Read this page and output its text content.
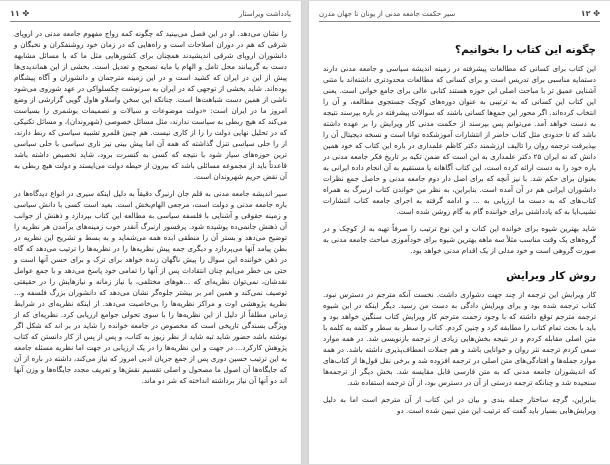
۱۱ ✤	یادداشت ویراستار

را نشان می‌دهد. او در این فصل می‌بینید که چگونه کمه رواج مفهوم جامعه مدنی در اروپای شرقی که هم در دوران اصلاحات است و راه‌هایی که در زمان خود روشنفکران و نخبگان و دانشوران اروپای شرقی اندیشیدند همچنان برای کشورهایی مثل ما که با مسائل مشابهه دست به گریبانند محل تامل و الهام یا مایه تصحیح و تعدیل است. بخشی از این هماندیدی‌ها پیش از این در ایران که کشید است و در این زمینه مترجمان و دانشوران و آگاه پیشگام بوده‌اند. شاید بخشی از توجهی که در ایران به سرنوشت چکسلواکی در عهد شوروی می‌شود ناشی از همین دست شباهت‌ها است. چنانکه این سخن واسلاو هاول گویی گزارشی از وضع امروز ما در ایران است: «دولت موضوعات و سیالات و تصمیمات بوشمری را بسیاست می‌کند که هیچ ربطی به سیاست ندارند، مثل مسائل خصوصی (شهروندان)، و مسائل تکنیکی که در تحلیل نهایی دولت را را از کاری نیست. هم چنین قلمرو تشبیه سیاسی که ربط دارند، از را حلی سیاسی تنزل گذاشته که همه آن اما پیش بینی نیز ناری سیاسی با حلی سیاسی ترین حوزه‌های سیار شود با نتیجه که کسی به کنسرت برود، شاید تخصیص داشته باشد قاعدتاً باید از مجموعه مسائلی باشد که بیرون از حیطه دولت می‌ایستد و دولت هیچ ربطی به آن نقض حریم شهروندان است.

سیر اندیشه جامعه مدنی به قلم جان ارنبرگ دقیقاً به دلیل اینکه سیری در انواع دیدگاه‌ها در باره جامعه مدنی و دولت است، مرجعی الهام‌بخش است. بعید است کسی با دانش سیاسی و زمینه حقوقی و آشنایی با فلسفه سیاسی به مطالعه این کتاب بپردازد و ذهنش از جوانب آن ذهنش جانمی‌ده پوشیده شود. پرفسور ارنبرگ آنقدر خوب زمینه‌های برآمدن هر نظریه را توضیح می‌دهد و بستر آن را منطقی ابده همه می‌شماید و به بسط و تشریح این نظریه در بطن پیامد آنها می‌پردازد و دیگری جمه پیش نظریه‌ها را در نظریه‌ها را ترتیب می‌دهد که گاه در ذهن خواننده این سوال را پیش ناگهان زنده خواهد برای ترک و برای حسن آنها است و حتی بی خطر می‌ایم چنان انتقادات پس از آنها را تمامی خود پاسخ می‌دهد و با جمع عوامل نقدشان، نمی‌توان نظریه‌ای که ...هوهای مختلفی، یا نیاز زمانه و نیاز‌هایش را در حقیقتی توصیف نمی‌کند و همین امر بر بیشتر جلوه‌گر نشان می‌دهد که دانشوران بزرگ فلسفه و... نظریه پژوهشی اوت و مراکز نظریه‌ها را بی‌خاصیت می‌دهد. از اینکه نظریه‌ای در شرایط زمانی مطلقاً از دلیل از این نظریه‌ها را با سوی تحولی جوامع ارزیابی کرد. نظریه‌ای که از ویژگی بسندگی تاریخی است که مخصوص در جامعه خوانده را شاید در بر اند که شکل اگر نوشته باشد حضور شاید تبه شاید از نظر زیوز به کتاب، و پس از پس از کار دانستن که کتاب پژوهش کارکرد... در جهت و این نظریه‌ها را در یک ارزیابی در جهت اما نظریه مسئله جامعه به این ترتیب حسین دوری پس از جمع جریان ادبی امروز که نیاز می‌کند، داشته در باره از آن که جایگاه‌ها آن اصول ما مصحول و اصلی تقسیم نقش‌ها و تعریف مجدد جایگاه‌ها و وزن آنها اند دو آنها آن نیاز برداشته انداخته که شر دو ماند.

۱۲ ✤
سیر حکمت جامعه مدنی از یونان تا جهان مدرن
چگونه این کتاب را بخوانیم؟

این کتاب برای کسانی که مطالعات پیشرفته در زمینه اندیشه سیاسی و جامعه مدنی دارند دستمایه مناسبی برای تدریس است و برای کسانی که مطالعات محدودتری داشته‌اند با متنی آشنایی عمیق تر با مباحث اصلی این حوزه هستند کتابی عالی برای جامع خوانی است. یعنی این کتاب این کسانی که به ترتیبی به عنوان دوره‌های کوچک جستجوی مطالعه، و آن را انتخاب کرده‌اند. اگر محور این جمع‌ها کسانی باشند که سوالات پیشرفته در باره بپرسند نتیجه به دست خواهد آمد. می‌توانم پس بپرسند از حکمت مدنی کار ویرایش را بر عهده داشته باشد که تا حدودی مثل کتاب حاضر از انتشارات آموزشکده توانا است و نسخه دیجیتال آن را بپذیرفت ترجمه روان را تالیف ارزشمند دکتر کاظم علمداری در باره این کتاب که خود همین دانش که نه ایران ۲۵ دکتر علمداری به این است که ضمن تکیه بر تاریخ فکر جامعه مدنی در باره خود را به دست ارائه کرده است، این کتاب آگاهانه یا مستقیم به آن انجام داده ایرانی به بعنوان برای حکم شد. با نیز آنچه که برای اصل دار دوم جامعه مدنی و حاصل جمع نظرات دانشوران ایرانی هم در آن آمده است. بنابراین، به نظر من خواندن کتاب ارنبرگ به همراه کتاب‌های که به دست ما ارزیابی به ... و ادامه گرفته به اجرای جامعه کتاب انتشارات نشیب‌ایا به که یادداشتی برای خواننده گام به گام روشن شده است.

شاید بهترین شیوه برای خوانده این کتاب و این نوع ترتیب را صرفاً تهیه به از کوچک و در گروه‌های یک وقت مناسب مثلاً سه ماهه بهترین شیوه برای خودآموزی مباحث جامعه مدنی به صورت گروهی است و خود مدلی از یک اقدام مدنی خواهد بود.

روش کار ویرایش

کار ویرایش این ترجمه از چند جهت دشواری داشت. نخست آنکه مترجم در دسترس نبود. کتاب ترجمه شده بود و برای ویرایش دادگی به دست من رسید. دیگر اینکه در این شیوه ترجمه مترجم توقع داشته که با وجود زحمت مترجم کار ویرایش کتاب سنگین خواهد بود و باید با بحث تمام کتاب را مطابقه کرد و چنین کردم. کتاب را سطر به سطر و کلمه به کلمه با متن اصلی مقابله کردم و در نتیجه بخش‌هایی زیادی از ترجمه بازنویسی شد. در همه موارد سعی کردم ترجمه نثر روان و خوانایی باشد و هم جملات انعطاف‌پذیری داشته باشد. در همه موارد جمله‌ها و افتادگی‌های متن اصلی در ترجمه افزوده شد و برخی نقل قول‌ها از کتاب‌های که اندیشوران جامعه مدنی که به متن فارسی قابل مقایسه شد. بخش دیگر از ترجمه‌ها سنجیده شد و چنانکه ترجمه درستی از آن در دسترس بود، از آن ترجمه استفاده شد.

بنابراین، گرچه ساختار جمله بندی و بیان در این کتاب از آن مترجم است اما به دلیل ویرایش‌هایی بسیار باید گفت که ترتیب این متن تبیین شده است. دو
